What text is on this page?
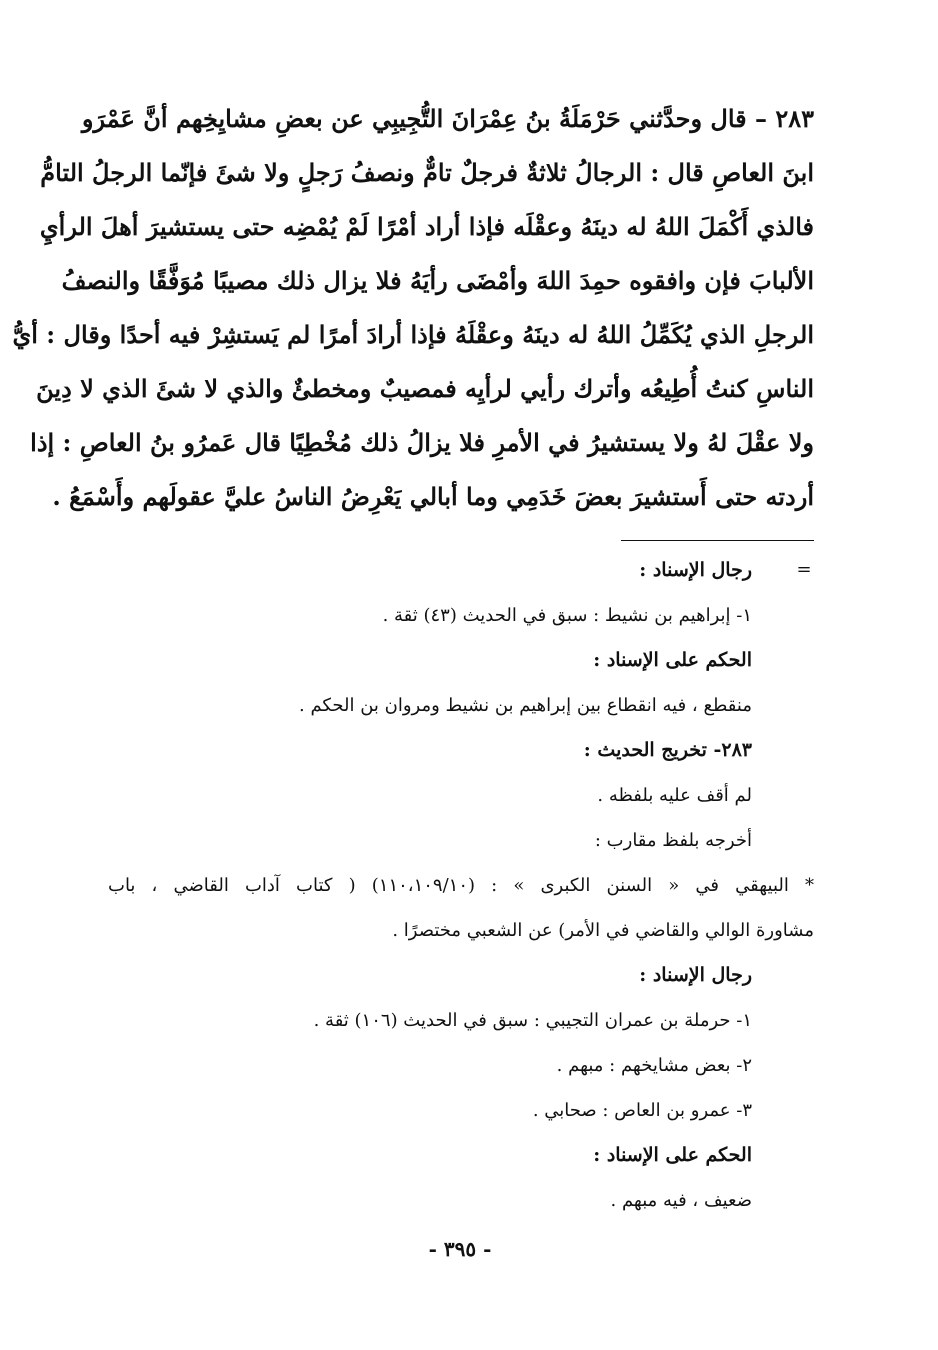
٢٨٣ – قال وحدَّثني حَرْمَلَةُ بنُ عِمْرَانَ التُّجِيبِي عن بعضِ مشايِخِهم أنَّ عَمْرَو
ابنَ العاصِ قال : الرجالُ ثلاثةٌ فرجلٌ تامٌّ ونصفُ رَجلٍ ولا شئَ فإنّما الرجلُ التامُّ
فالذي أَكْمَلَ اللهُ له دينَهُ وعقْلَه فإذا أراد أمْرًا لَمْ يُمْضِه حتى يستشيرَ أهلَ الرأيِ
الألبابَ فإن وافقوه حمِدَ اللهَ وأمْضَى رأيَهُ فلا يزال ذلك مصيبًا مُوَفَّقًا والنصفُ
الرجلِ الذي يُكَمِّلُ اللهُ له دينَهُ وعقْلَهُ فإذا أرادَ أمرًا لم يَستشِرْ فيه أحدًا وقال : أيُّ
الناسِ كنتُ أُطِيعُه وأترك رأيي لرأيِه فمصيبٌ ومخطئٌ والذي لا شئَ الذي لا دِينَ
ولا عقْلَ لهُ ولا يستشيرُ في الأمرِ فلا يزالُ ذلك مُخْطِيًا قال عَمرُو بنُ العاصِ : إذا
أردته حتى أَستشيرَ بعضَ خَدَمِي وما أبالي يَعْرِضُ الناسُ عليَّ عقولَهم وأَسْمَعُ .
=
رجال الإسناد :
١- إبراهيم بن نشيط : سبق في الحديث (٤٣) ثقة .
الحكم على الإسناد :
منقطع ، فيه انقطاع بين إبراهيم بن نشيط ومروان بن الحكم .
٢٨٣- تخريج الحديث :
لم أقف عليه بلفظه .
أخرجه بلفظ مقارب :
* البيهقي في « السنن الكبرى » : (١١٠،١٠٩/١٠) ( كتاب آداب القاضي ، باب
مشاورة الوالي والقاضي في الأمر) عن الشعبي مختصرًا .
رجال الإسناد :
١- حرملة بن عمران التجيبي : سبق في الحديث (١٠٦) ثقة .
٢- بعض مشايخهم : مبهم .
٣- عمرو بن العاص : صحابي .
الحكم على الإسناد :
ضعيف ، فيه مبهم .
- ٣٩٥ -
